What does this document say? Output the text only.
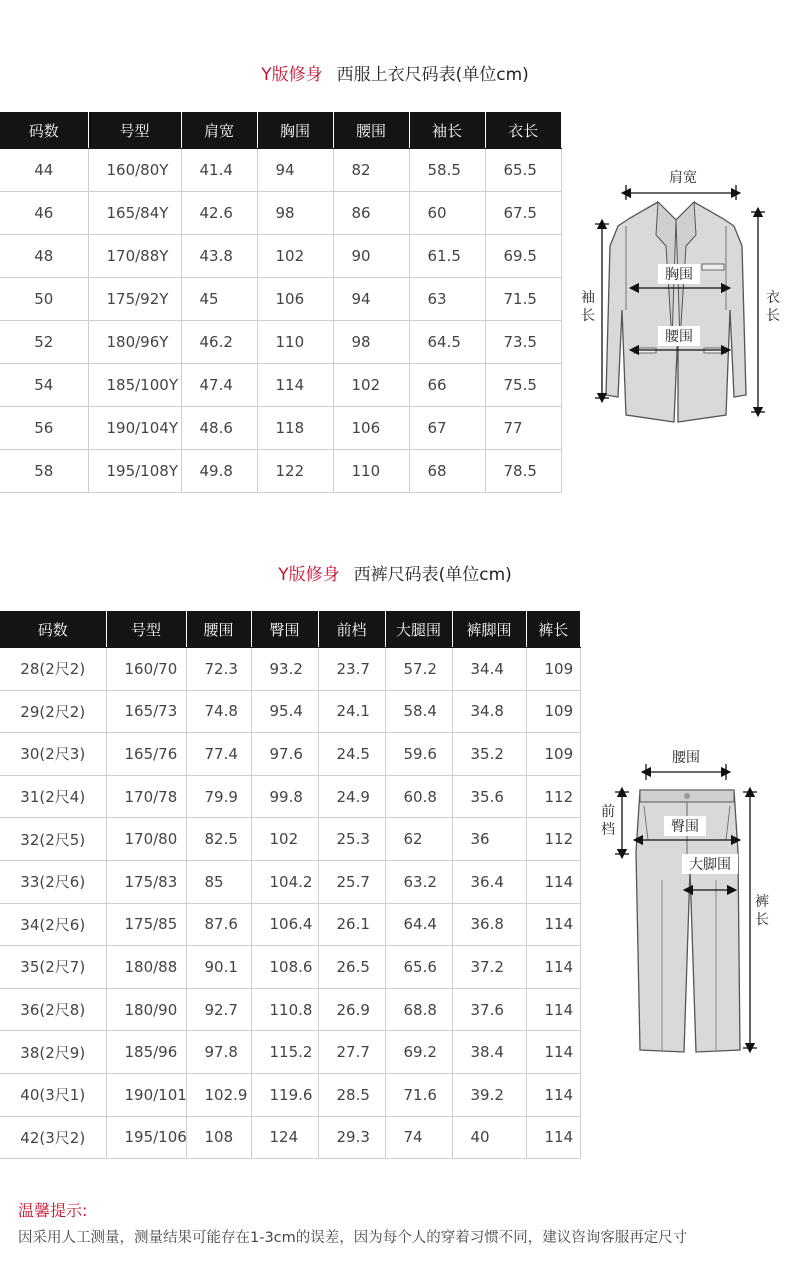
Y版修身 西服上衣尺码表(单位cm)
码数	号型	肩宽	胸围	腰围	袖长	衣长

44	160/80Y	41.4	94	82	58.5	65.5

46	165/84Y	42.6	98	86	60	67.5

48	170/88Y	43.8	102	90	61.5	69.5

50	175/92Y	45	106	94	63	71.5

52	180/96Y	46.2	110	98	64.5	73.5

54	185/100Y	47.4	114	102	66	75.5

56	190/104Y	48.6	118	106	67	77

58	195/108Y	49.8	122	110	68	78.5
肩宽
胸围
腰围
袖
长
衣
长
Y版修身 西裤尺码表(单位cm)
码数	号型	腰围	臀围	前档	大腿围	裤脚围	裤长

28(2尺2)	160/70	72.3	93.2	23.7	57.2	34.4	109

29(2尺2)	165/73	74.8	95.4	24.1	58.4	34.8	109

30(2尺3)	165/76	77.4	97.6	24.5	59.6	35.2	109

31(2尺4)	170/78	79.9	99.8	24.9	60.8	35.6	112

32(2尺5)	170/80	82.5	102	25.3	62	36	112

33(2尺6)	175/83	85	104.2	25.7	63.2	36.4	114

34(2尺6)	175/85	87.6	106.4	26.1	64.4	36.8	114

35(2尺7)	180/88	90.1	108.6	26.5	65.6	37.2	114

36(2尺8)	180/90	92.7	110.8	26.9	68.8	37.6	114

38(2尺9)	185/96	97.8	115.2	27.7	69.2	38.4	114

40(3尺1)	190/101	102.9	119.6	28.5	71.6	39.2	114

42(3尺2)	195/106	108	124	29.3	74	40	114
腰围
臀围
前
档
大脚围
裤
长
温馨提示:
因采用人工测量，测量结果可能存在1-3cm的误差，因为每个人的穿着习惯不同，建议咨询客服再定尺寸
